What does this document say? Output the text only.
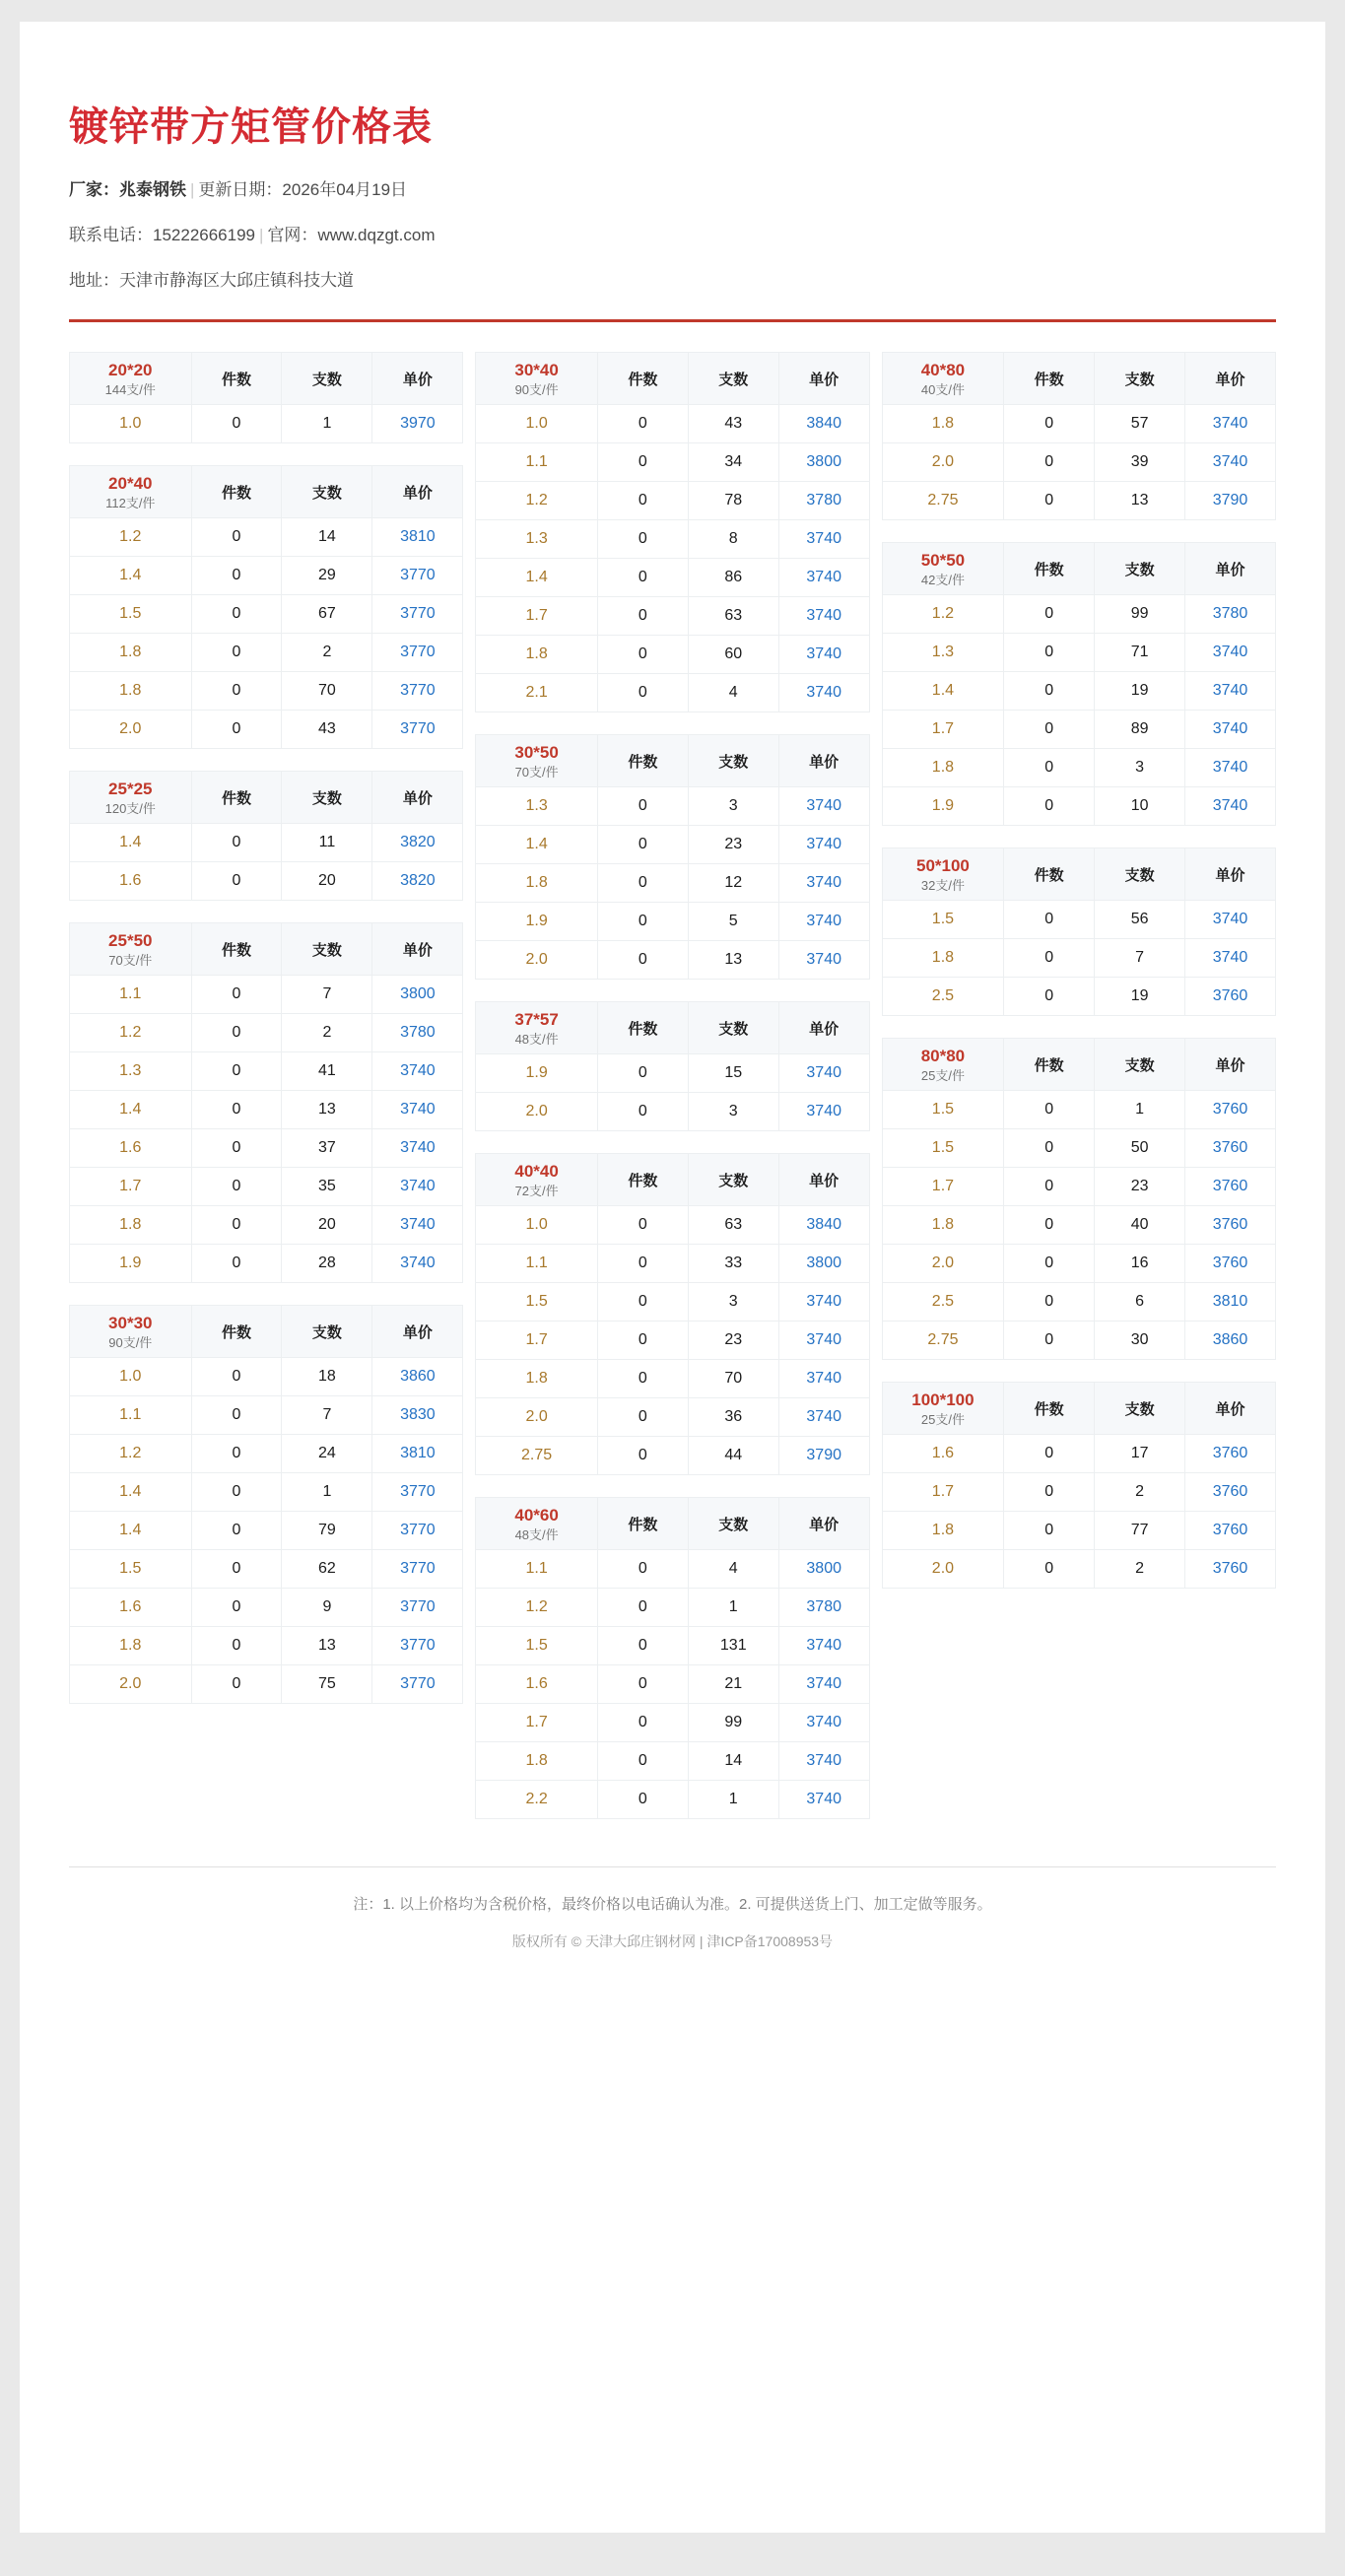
镀锌带方矩管价格表
厂家：兆泰钢铁 | 更新日期：2026年04月19日
联系电话：15222666199 | 官网：www.dqzgt.com
地址：天津市静海区大邱庄镇科技大道
20*20
144支/件	件数	支数	单价
1.0	0	1	3970
20*40
112支/件	件数	支数	单价
1.2	0	14	3810
1.4	0	29	3770
1.5	0	67	3770
1.8	0	2	3770
1.8	0	70	3770
2.0	0	43	3770
25*25
120支/件	件数	支数	单价
1.4	0	11	3820
1.6	0	20	3820
25*50
70支/件	件数	支数	单价
1.1	0	7	3800
1.2	0	2	3780
1.3	0	41	3740
1.4	0	13	3740
1.6	0	37	3740
1.7	0	35	3740
1.8	0	20	3740
1.9	0	28	3740
30*30
90支/件	件数	支数	单价
1.0	0	18	3860
1.1	0	7	3830
1.2	0	24	3810
1.4	0	1	3770
1.4	0	79	3770
1.5	0	62	3770
1.6	0	9	3770
1.8	0	13	3770
2.0	0	75	3770
30*40
90支/件	件数	支数	单价
1.0	0	43	3840
1.1	0	34	3800
1.2	0	78	3780
1.3	0	8	3740
1.4	0	86	3740
1.7	0	63	3740
1.8	0	60	3740
2.1	0	4	3740
30*50
70支/件	件数	支数	单价
1.3	0	3	3740
1.4	0	23	3740
1.8	0	12	3740
1.9	0	5	3740
2.0	0	13	3740
37*57
48支/件	件数	支数	单价
1.9	0	15	3740
2.0	0	3	3740
40*40
72支/件	件数	支数	单价
1.0	0	63	3840
1.1	0	33	3800
1.5	0	3	3740
1.7	0	23	3740
1.8	0	70	3740
2.0	0	36	3740
2.75	0	44	3790
40*60
48支/件	件数	支数	单价
1.1	0	4	3800
1.2	0	1	3780
1.5	0	131	3740
1.6	0	21	3740
1.7	0	99	3740
1.8	0	14	3740
2.2	0	1	3740
40*80
40支/件	件数	支数	单价
1.8	0	57	3740
2.0	0	39	3740
2.75	0	13	3790
50*50
42支/件	件数	支数	单价
1.2	0	99	3780
1.3	0	71	3740
1.4	0	19	3740
1.7	0	89	3740
1.8	0	3	3740
1.9	0	10	3740
50*100
32支/件	件数	支数	单价
1.5	0	56	3740
1.8	0	7	3740
2.5	0	19	3760
80*80
25支/件	件数	支数	单价
1.5	0	1	3760
1.5	0	50	3760
1.7	0	23	3760
1.8	0	40	3760
2.0	0	16	3760
2.5	0	6	3810
2.75	0	30	3860
100*100
25支/件	件数	支数	单价
1.6	0	17	3760
1.7	0	2	3760
1.8	0	77	3760
2.0	0	2	3760
注：1. 以上价格均为含税价格，最终价格以电话确认为准。2. 可提供送货上门、加工定做等服务。
版权所有 © 天津大邱庄钢材网 | 津ICP备17008953号
